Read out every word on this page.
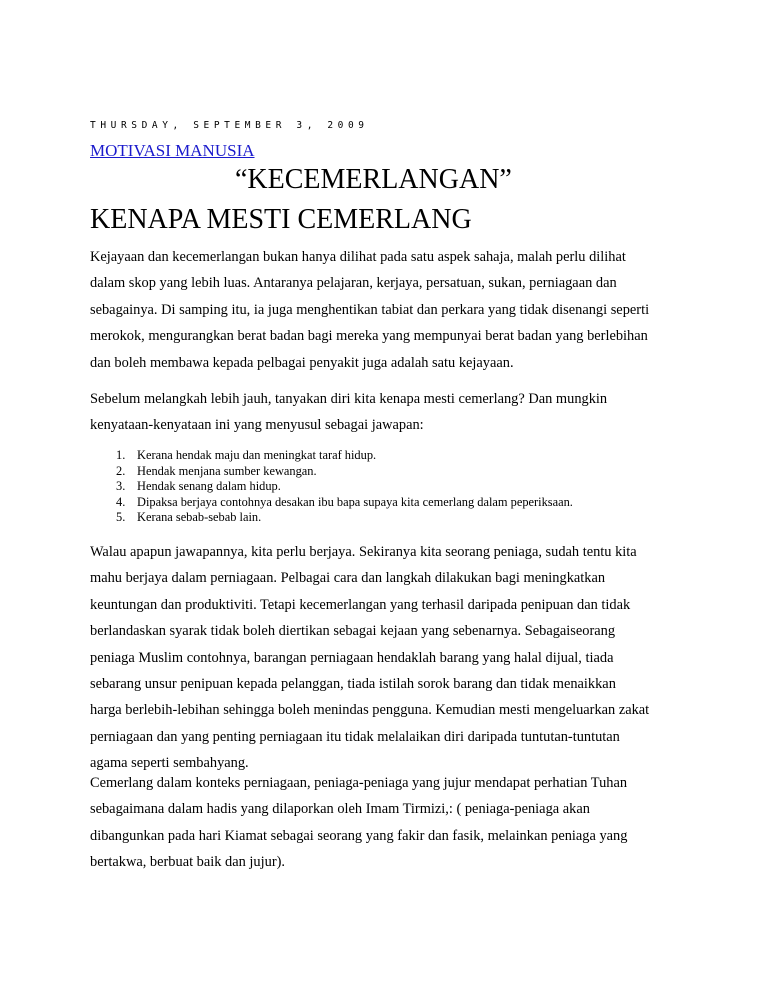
THURSDAY, SEPTEMBER 3, 2009
MOTIVASI MANUSIA
“KECEMERLANGAN”
KENAPA MESTI CEMERLANG

Kejayaan dan kecemerlangan bukan hanya dilihat pada satu aspek sahaja, malah perlu dilihat
dalam skop yang lebih luas. Antaranya pelajaran, kerjaya, persatuan, sukan, perniagaan dan
sebagainya. Di samping itu, ia juga menghentikan tabiat dan perkara yang tidak disenangi seperti
merokok, mengurangkan berat badan bagi mereka yang mempunyai berat badan yang berlebihan
dan boleh membawa kepada pelbagai penyakit juga adalah satu kejayaan.

Sebelum melangkah lebih jauh, tanyakan diri kita kenapa mesti cemerlang? Dan mungkin
kenyataan-kenyataan ini yang menyusul sebagai jawapan:

1. Kerana hendak maju dan meningkat taraf hidup.
2. Hendak menjana sumber kewangan.
3. Hendak senang dalam hidup.
4. Dipaksa berjaya contohnya desakan ibu bapa supaya kita cemerlang dalam peperiksaan.
5. Kerana sebab-sebab lain.

Walau apapun jawapannya, kita perlu berjaya. Sekiranya kita seorang peniaga, sudah tentu kita
mahu berjaya dalam perniagaan. Pelbagai cara dan langkah dilakukan bagi meningkatkan
keuntungan dan produktiviti. Tetapi kecemerlangan yang terhasil daripada penipuan dan tidak
berlandaskan syarak tidak boleh diertikan sebagai kejaan yang sebenarnya. Sebagaiseorang
peniaga Muslim contohnya, barangan perniagaan hendaklah barang yang halal dijual, tiada
sebarang unsur penipuan kepada pelanggan, tiada istilah sorok barang dan tidak menaikkan
harga berlebih-lebihan sehingga boleh menindas pengguna. Kemudian mesti mengeluarkan zakat
perniagaan dan yang penting perniagaan itu tidak melalaikan diri daripada tuntutan-tuntutan
agama seperti sembahyang.

Cemerlang dalam konteks perniagaan, peniaga-peniaga yang jujur mendapat perhatian Tuhan
sebagaimana dalam hadis yang dilaporkan oleh Imam Tirmizi,: ( peniaga-peniaga akan
dibangunkan pada hari Kiamat sebagai seorang yang fakir dan fasik, melainkan peniaga yang
bertakwa, berbuat baik dan jujur).
